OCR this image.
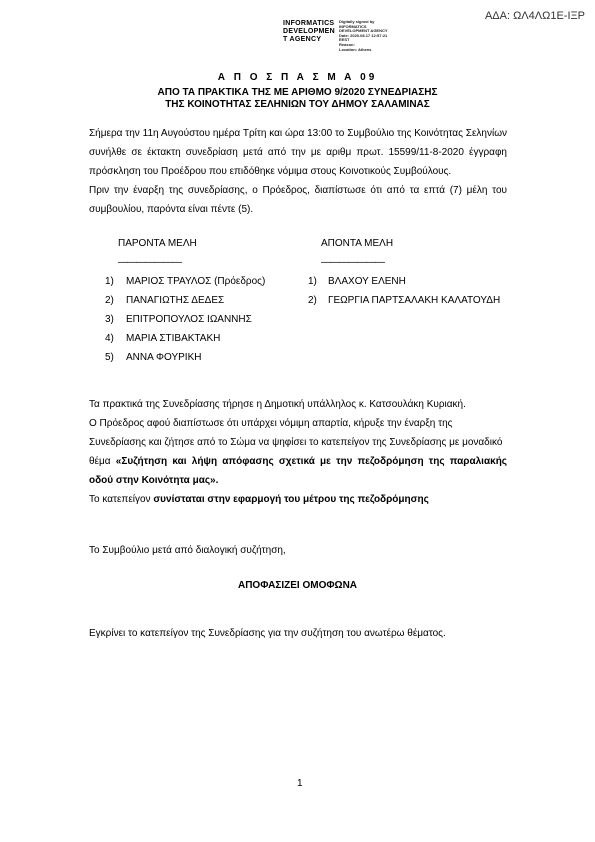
ΑΔΑ: ΩΛ4ΛΩ1Ε-ΙΞΡ
INFORMATICS
DEVELOPMEN
T AGENCY
Digitally signed by
INFORMATICS
DEVELOPMENT AGENCY
Date: 2020.08.17 12:57:21
EEST
Reason:
Location: Athens
Α Π Ο Σ Π Α Σ Μ Α 09
ΑΠΟ ΤΑ ΠΡΑΚΤΙΚΑ ΤΗΣ ΜΕ ΑΡΙΘΜΟ 9/2020 ΣΥΝΕΔΡΙΑΣΗΣ
ΤΗΣ ΚΟΙΝΟΤΗΤΑΣ ΣΕΛΗΝΙΩΝ ΤΟΥ ΔΗΜΟΥ ΣΑΛΑΜΙΝΑΣ
Σήμερα την 11η Αυγούστου ημέρα Τρίτη και ώρα 13:00 το Συμβούλιο της Κοινότητας Σεληνίων
συνήλθε σε έκτακτη συνεδρίαση μετά από την με αριθμ πρωτ. 15599/11-8-2020 έγγραφη
πρόσκληση του Προέδρου που επιδόθηκε νόμιμα στους Κοινοτικούς Συμβούλους.
Πριν την έναρξη της συνεδρίασης, ο Πρόεδρος, διαπίστωσε ότι από τα επτά (7) μέλη του
συμβουλίου, παρόντα είναι πέντε (5).
ΠΑΡΟΝΤΑ ΜΕΛΗ
———————
1)	ΜΑΡΙΟΣ ΤΡΑΥΛΟΣ (Πρόεδρος)
2)	ΠΑΝΑΓΙΩΤΗΣ ΔΕΔΕΣ
3)	ΕΠΙΤΡΟΠΟΥΛΟΣ ΙΩΑΝΝΗΣ
4)	ΜΑΡΙΑ ΣΤΙΒΑΚΤΑΚΗ
5)	ΑΝΝΑ ΦΟΥΡΙΚΗ
ΑΠΟΝΤΑ ΜΕΛΗ
———————
1)	ΒΛΑΧΟΥ ΕΛΕΝΗ
2)	ΓΕΩΡΓΙΑ ΠΑΡΤΣΑΛΑΚΗ ΚΑΛΑΤΟΥΔΗ
Τα πρακτικά της Συνεδρίασης τήρησε η Δημοτική υπάλληλος κ. Κατσουλάκη Κυριακή.
Ο Πρόεδρος αφού διαπίστωσε ότι υπάρχει νόμιμη απαρτία, κήρυξε την έναρξη της
Συνεδρίασης και ζήτησε από το Σώμα να ψηφίσει το κατεπείγον της Συνεδρίασης με μοναδικό
θέμα «Συζήτηση και λήψη απόφασης σχετικά με την πεζοδρόμηση της παραλιακής
οδού στην Κοινότητα μας».
Το κατεπείγον συνίσταται στην εφαρμογή του μέτρου της πεζοδρόμησης
Το Συμβούλιο μετά από διαλογική συζήτηση,
ΑΠΟΦΑΣΙΖΕΙ ΟΜΟΦΩΝΑ
Εγκρίνει το κατεπείγον της Συνεδρίασης για την συζήτηση του ανωτέρω θέματος.
1
